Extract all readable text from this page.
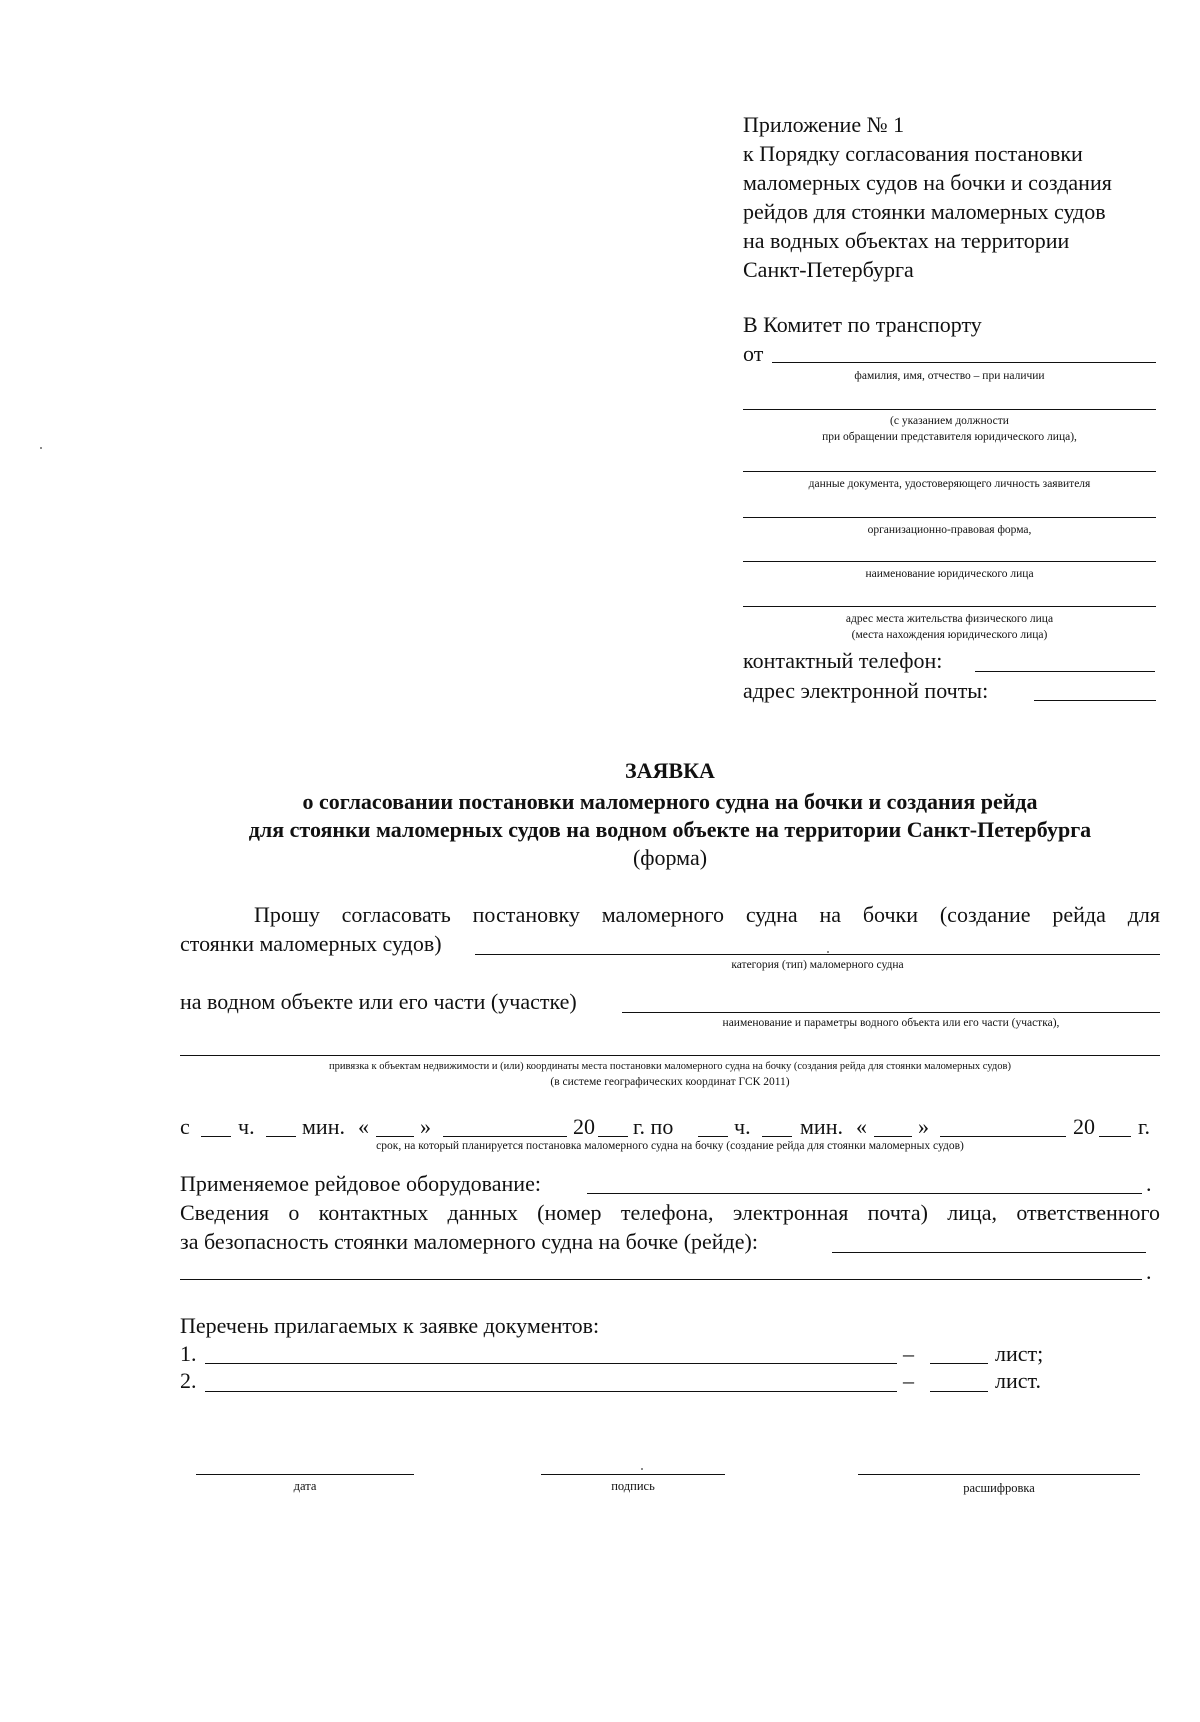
Приложение № 1
к Порядку согласования постановки
маломерных судов на бочки и создания
рейдов для стоянки маломерных судов
на водных объектах на территории
Санкт-Петербурга
В Комитет по транспорту
от
фамилия, имя, отчество – при наличии
(с указанием должности
при обращении представителя юридического лица),
данные документа, удостоверяющего личность заявителя
организационно-правовая форма,
наименование юридического лица
адрес места жительства физического лица
(места нахождения юридического лица)
контактный телефон:
адрес электронной почты:
ЗАЯВКА
о согласовании постановки маломерного судна на бочки и создания рейда
для стоянки маломерных судов на водном объекте на территории Санкт-Петербурга
(форма)
Прошу согласовать постановку маломерного судна на бочки (создание рейда для
стоянки маломерных судов)
категория (тип) маломерного судна
на водном объекте или его части (участке)
наименование и параметры водного объекта или его части (участка),
привязка к объектам недвижимости и (или) координаты места постановки маломерного судна на бочку (создания рейда для стоянки маломерных судов)
(в системе географических координат ГСК 2011)
с ч. мин. « »	20 г. по	ч. мин. « »	20 г.
срок, на который планируется постановка маломерного судна на бочку (создание рейда для стоянки маломерных судов)
Применяемое рейдовое оборудование:	.
Сведения о контактных данных (номер телефона, электронная почта) лица, ответственного
за безопасность стоянки маломерного судна на бочке (рейде):
.
Перечень прилагаемых к заявке документов:
1.	–	лист;
2.	–	лист.
дата	подпись	расшифровка
